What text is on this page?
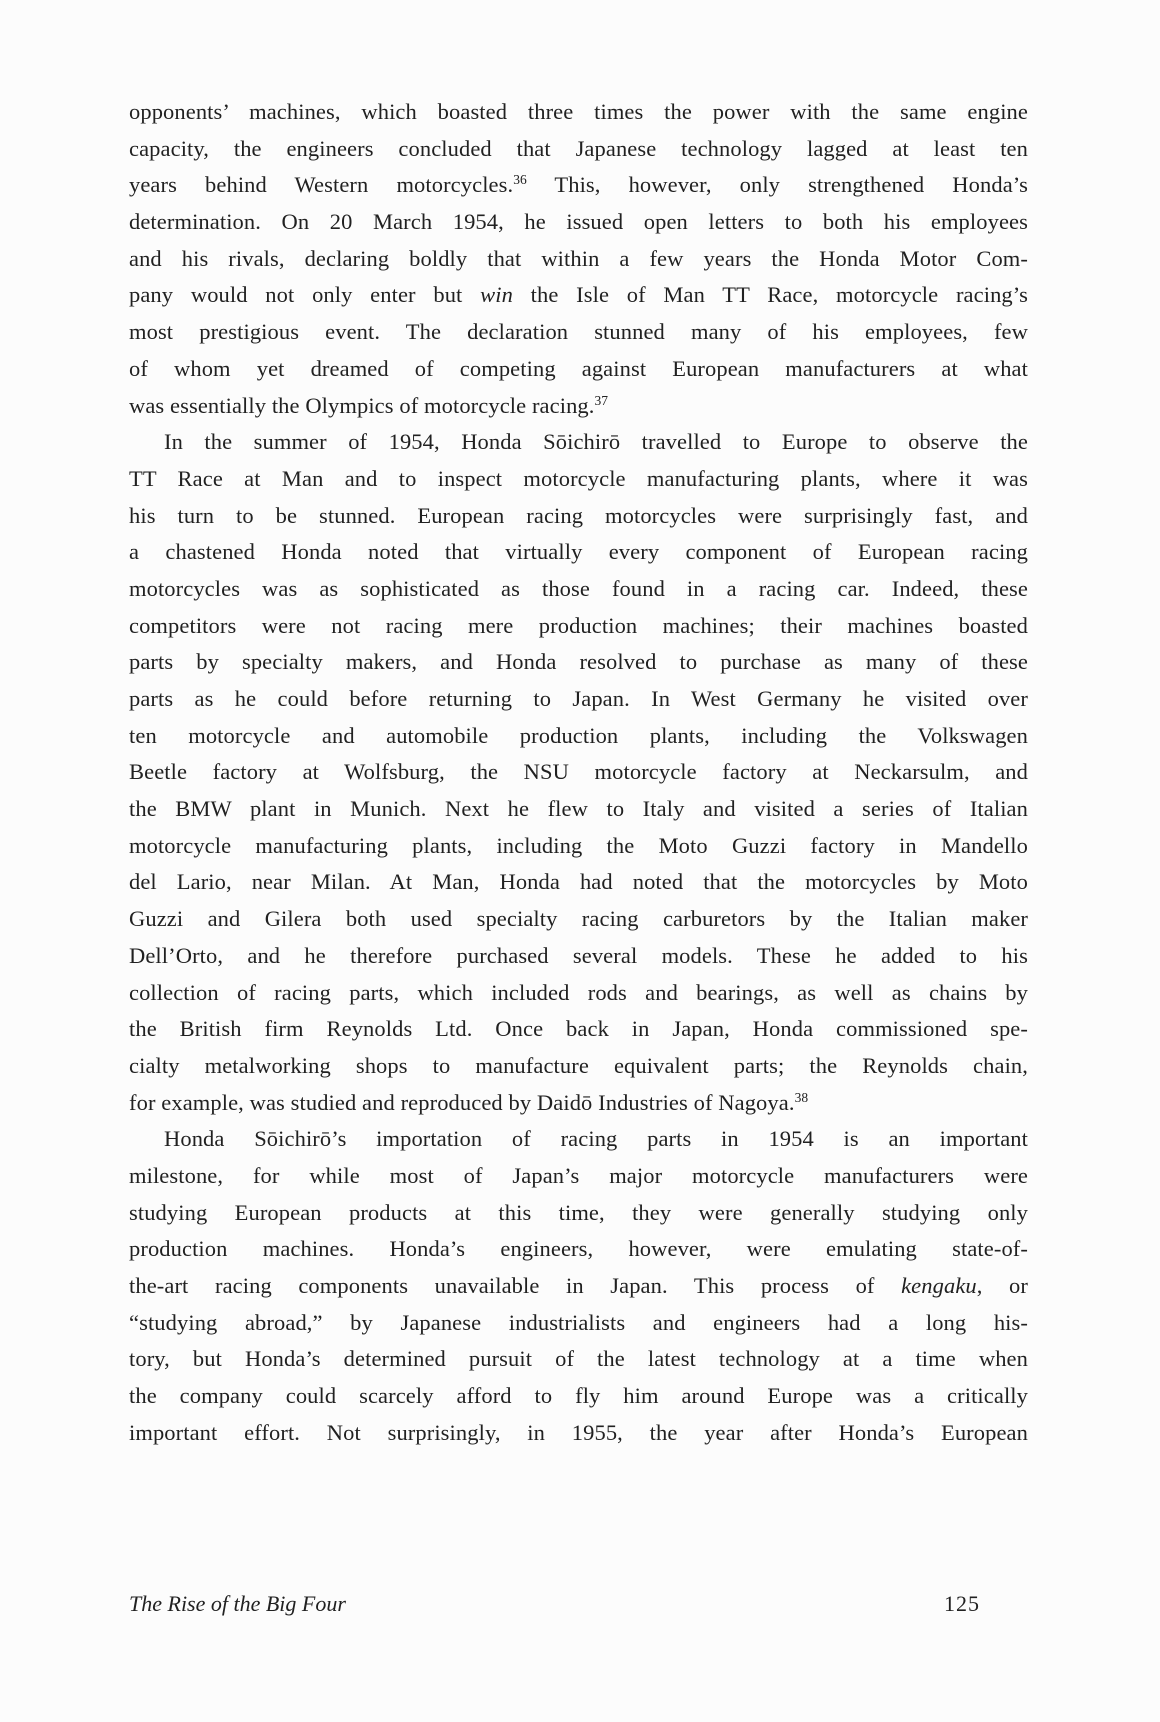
opponents’ machines, which boasted three times the power with the same engine
capacity, the engineers concluded that Japanese technology lagged at least ten
years behind Western motorcycles.$^{36}$ This, however, only strengthened Honda’s
determination. On 20 March 1954, he issued open letters to both his employees
and his rivals, declaring boldly that within a few years the Honda Motor Com-
pany would not only enter but win the Isle of Man TT Race, motorcycle racing’s
most prestigious event. The declaration stunned many of his employees, few
of whom yet dreamed of competing against European manufacturers at what
was essentially the Olympics of motorcycle racing.$^{37}$
In the summer of 1954, Honda Sōichirō travelled to Europe to observe the
TT Race at Man and to inspect motorcycle manufacturing plants, where it was
his turn to be stunned. European racing motorcycles were surprisingly fast, and
a chastened Honda noted that virtually every component of European racing
motorcycles was as sophisticated as those found in a racing car. Indeed, these
competitors were not racing mere production machines; their machines boasted
parts by specialty makers, and Honda resolved to purchase as many of these
parts as he could before returning to Japan. In West Germany he visited over
ten motorcycle and automobile production plants, including the Volkswagen
Beetle factory at Wolfsburg, the NSU motorcycle factory at Neckarsulm, and
the BMW plant in Munich. Next he flew to Italy and visited a series of Italian
motorcycle manufacturing plants, including the Moto Guzzi factory in Mandello
del Lario, near Milan. At Man, Honda had noted that the motorcycles by Moto
Guzzi and Gilera both used specialty racing carburetors by the Italian maker
Dell’Orto, and he therefore purchased several models. These he added to his
collection of racing parts, which included rods and bearings, as well as chains by
the British firm Reynolds Ltd. Once back in Japan, Honda commissioned spe-
cialty metalworking shops to manufacture equivalent parts; the Reynolds chain,
for example, was studied and reproduced by Daidō Industries of Nagoya.$^{38}$
Honda Sōichirō’s importation of racing parts in 1954 is an important
milestone, for while most of Japan’s major motorcycle manufacturers were
studying European products at this time, they were generally studying only
production machines. Honda’s engineers, however, were emulating state-of-
the-art racing components unavailable in Japan. This process of kengaku, or
“studying abroad,” by Japanese industrialists and engineers had a long his-
tory, but Honda’s determined pursuit of the latest technology at a time when
the company could scarcely afford to fly him around Europe was a critically
important effort. Not surprisingly, in 1955, the year after Honda’s European
The Rise of the Big Four	125
